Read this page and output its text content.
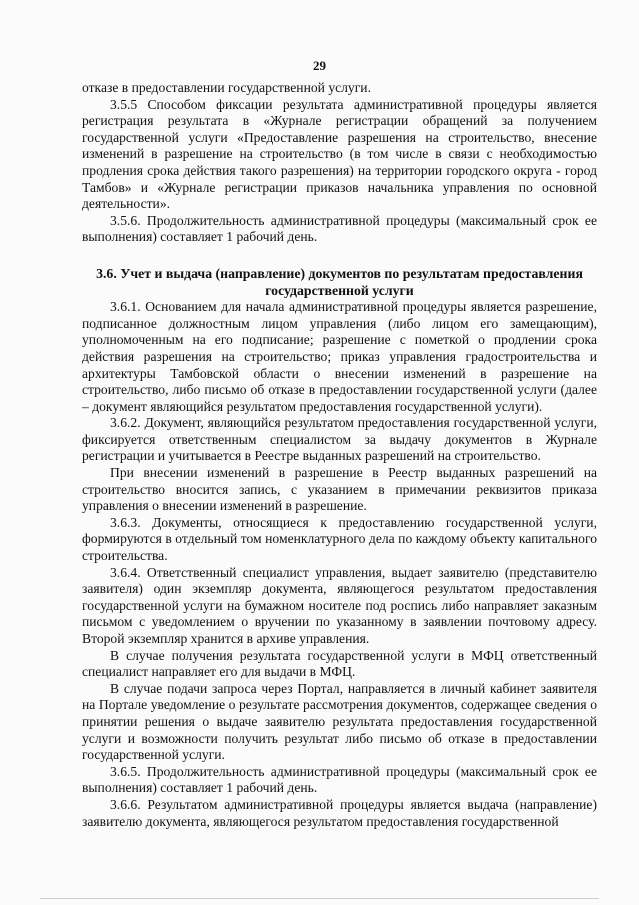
29

отказе в предоставлении государственной услуги.

3.5.5 Способом фиксации результата административной процедуры является регистрация результата в «Журнале регистрации обращений за получением государственной услуги «Предоставление разрешения на строительство, внесение изменений в разрешение на строительство (в том числе в связи с необходимостью продления срока действия такого разрешения) на территории городского округа - город Тамбов» и «Журнале регистрации приказов начальника управления по основной деятельности».

3.5.6. Продолжительность административной процедуры (максимальный срок ее выполнения) составляет 1 рабочий день.

3.6. Учет и выдача (направление) документов по результатам предоставления государственной услуги

3.6.1. Основанием для начала административной процедуры является разрешение, подписанное должностным лицом управления (либо лицом его замещающим), уполномоченным на его подписание; разрешение с пометкой о продлении срока действия разрешения на строительство; приказ управления градостроительства и архитектуры Тамбовской области о внесении изменений в разрешение на строительство, либо письмо об отказе в предоставлении государственной услуги (далее – документ являющийся результатом предоставления государственной услуги).

3.6.2. Документ, являющийся результатом предоставления государственной услуги, фиксируется ответственным специалистом за выдачу документов в Журнале регистрации и учитывается в Реестре выданных разрешений на строительство.

При внесении изменений в разрешение в Реестр выданных разрешений на строительство вносится запись, с указанием в примечании реквизитов приказа управления о внесении изменений в разрешение.

3.6.3. Документы, относящиеся к предоставлению государственной услуги, формируются в отдельный том номенклатурного дела по каждому объекту капитального строительства.

3.6.4. Ответственный специалист управления, выдает заявителю (представителю заявителя) один экземпляр документа, являющегося результатом предоставления государственной услуги на бумажном носителе под роспись либо направляет заказным письмом с уведомлением о вручении по указанному в заявлении почтовому адресу. Второй экземпляр хранится в архиве управления.

В случае получения результата государственной услуги в МФЦ ответственный специалист направляет его для выдачи в МФЦ.

В случае подачи запроса через Портал, направляется в личный кабинет заявителя на Портале уведомление о результате рассмотрения документов, содержащее сведения о принятии решения о выдаче заявителю результата предоставления государственной услуги и возможности получить результат либо письмо об отказе в предоставлении государственной услуги.

3.6.5. Продолжительность административной процедуры (максимальный срок ее выполнения) составляет 1 рабочий день.

3.6.6. Результатом административной процедуры является выдача (направление) заявителю документа, являющегося результатом предоставления государственной
